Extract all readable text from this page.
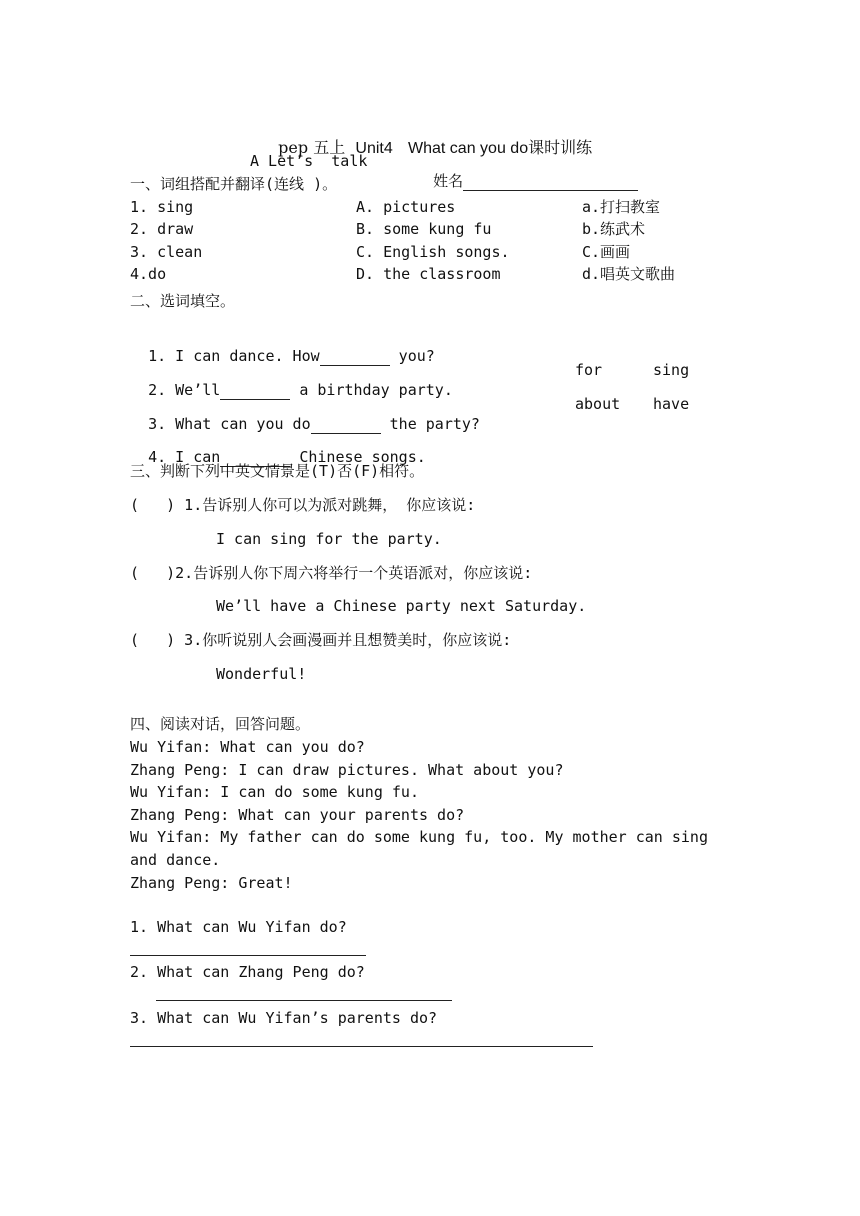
pep 五上 Unit4 What can you do课时训练

A Let’s  talk

姓名

一、词组搭配并翻译(连线 )。
1. sing	A. pictures	a.打扫教室
2. draw	B. some kung fu	b.练武术
3. clean	C. English songs.	C.画画
4.do	D. the classroom	d.唱英文歌曲
二、选词填空。

1. I can dance. How	you?

2. We’ll	a birthday party.

3. What can you do	the party?

4. I can	Chinese songs.

for	sing
about have
三、判断下列中英文情景是(T)否(F)相符。
(   ) 1.告诉别人你可以为派对跳舞， 你应该说:
I can sing for the party.
(   )2.告诉别人你下周六将举行一个英语派对，你应该说:
We’ll have a Chinese party next Saturday.
(   ) 3.你听说别人会画漫画并且想赞美时，你应该说:
Wonderful!
四、阅读对话，回答问题。
Wu Yifan: What can you do?
Zhang Peng: I can draw pictures. What about you?
Wu Yifan: I can do some kung fu.
Zhang Peng: What can your parents do?
Wu Yifan: My father can do some kung fu, too. My mother can sing
and dance.
Zhang Peng: Great!
1. What can Wu Yifan do?
2. What can Zhang Peng do?
3. What can Wu Yifan’s parents do?
